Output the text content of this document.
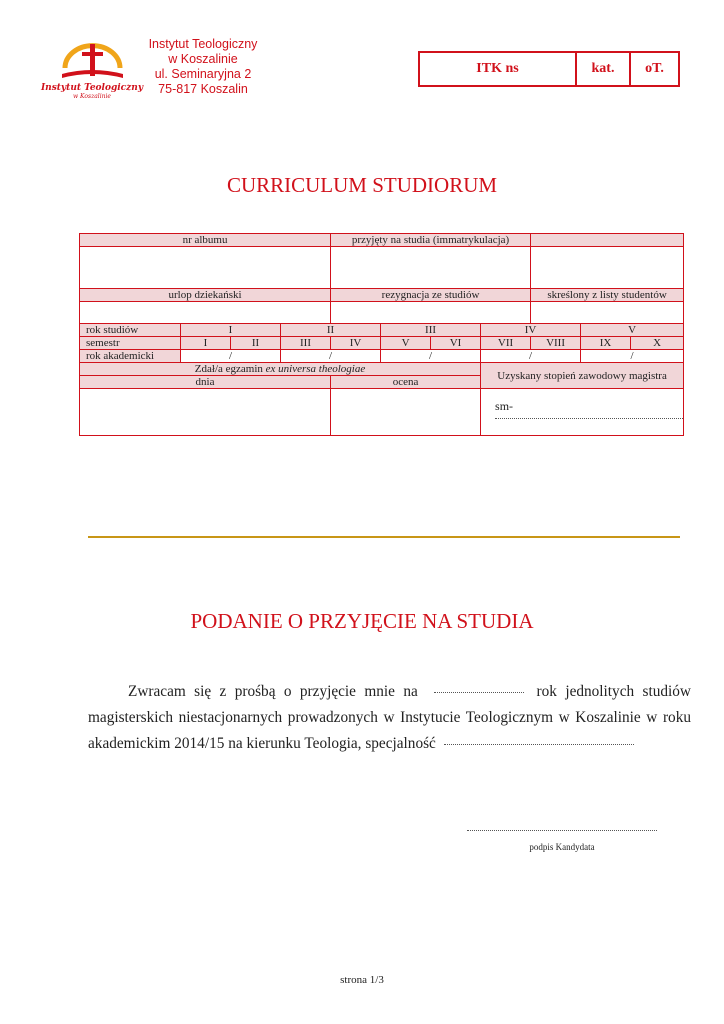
Instytut Teologiczny
w Koszalinie
Instytut Teologiczny
w Koszalinie
ul. Seminaryjna 2
75-817 Koszalin
ITK ns	kat.	oT.
CURRICULUM STUDIORUM
nr albumu				przyjęty na studia (immatrykulacja)						

urlop dziekański				rezygnacja ze studiów				skreślony z listy studentów		

rok studiów	I		II		III		IV		V	
semestr	I	II	III	IV	V	VI	VII	VIII	IX	X
rok akademicki	/		/		/		/		/	
Zdał/a egzamin ex universa theologiae							Uzyskany stopień zawodowy magistra			
dnia				ocena						
							sm-			
PODANIE O PRZYJĘCIE NA STUDIA

Zwracam się z prośbą o przyjęcie mnie na	rok jednolitych studiów magisterskich niestacjonarnych prowadzonych w Instytucie Teologicznym w Koszalinie w roku akademickim 2014/15 na kierunku Teologia, specjalność

podpis Kandydata
strona 1/3
